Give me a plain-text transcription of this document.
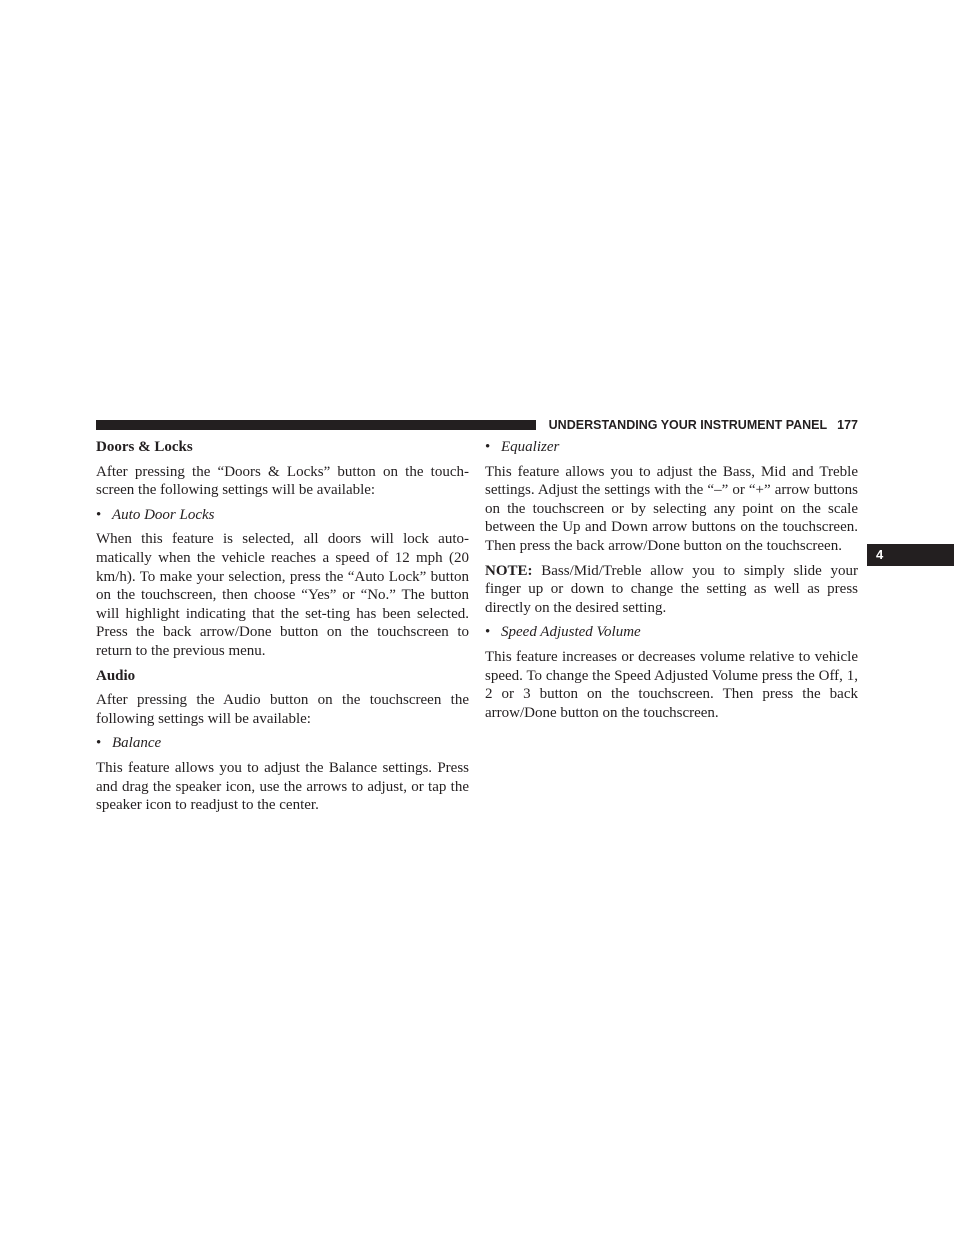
UNDERSTANDING YOUR INSTRUMENT PANEL 177
4
Doors & Locks

After pressing the “Doors & Locks” button on the touch-screen the following settings will be available:

• Auto Door Locks

When this feature is selected, all doors will lock auto-matically when the vehicle reaches a speed of 12 mph (20 km/h). To make your selection, press the “Auto Lock” button on the touchscreen, then choose “Yes” or “No.” The button will highlight indicating that the set-ting has been selected. Press the back arrow/Done button on the touchscreen to return to the previous menu.

Audio

After pressing the Audio button on the touchscreen the following settings will be available:

• Balance

This feature allows you to adjust the Balance settings. Press and drag the speaker icon, use the arrows to adjust, or tap the speaker icon to readjust to the center.

• Equalizer

This feature allows you to adjust the Bass, Mid and Treble settings. Adjust the settings with the “–” or “+” arrow buttons on the touchscreen or by selecting any point on the scale between the Up and Down arrow buttons on the touchscreen. Then press the back arrow/Done button on the touchscreen.

NOTE: Bass/Mid/Treble allow you to simply slide your finger up or down to change the setting as well as press directly on the desired setting.

• Speed Adjusted Volume

This feature increases or decreases volume relative to vehicle speed. To change the Speed Adjusted Volume press the Off, 1, 2 or 3 button on the touchscreen. Then press the back arrow/Done button on the touchscreen.
